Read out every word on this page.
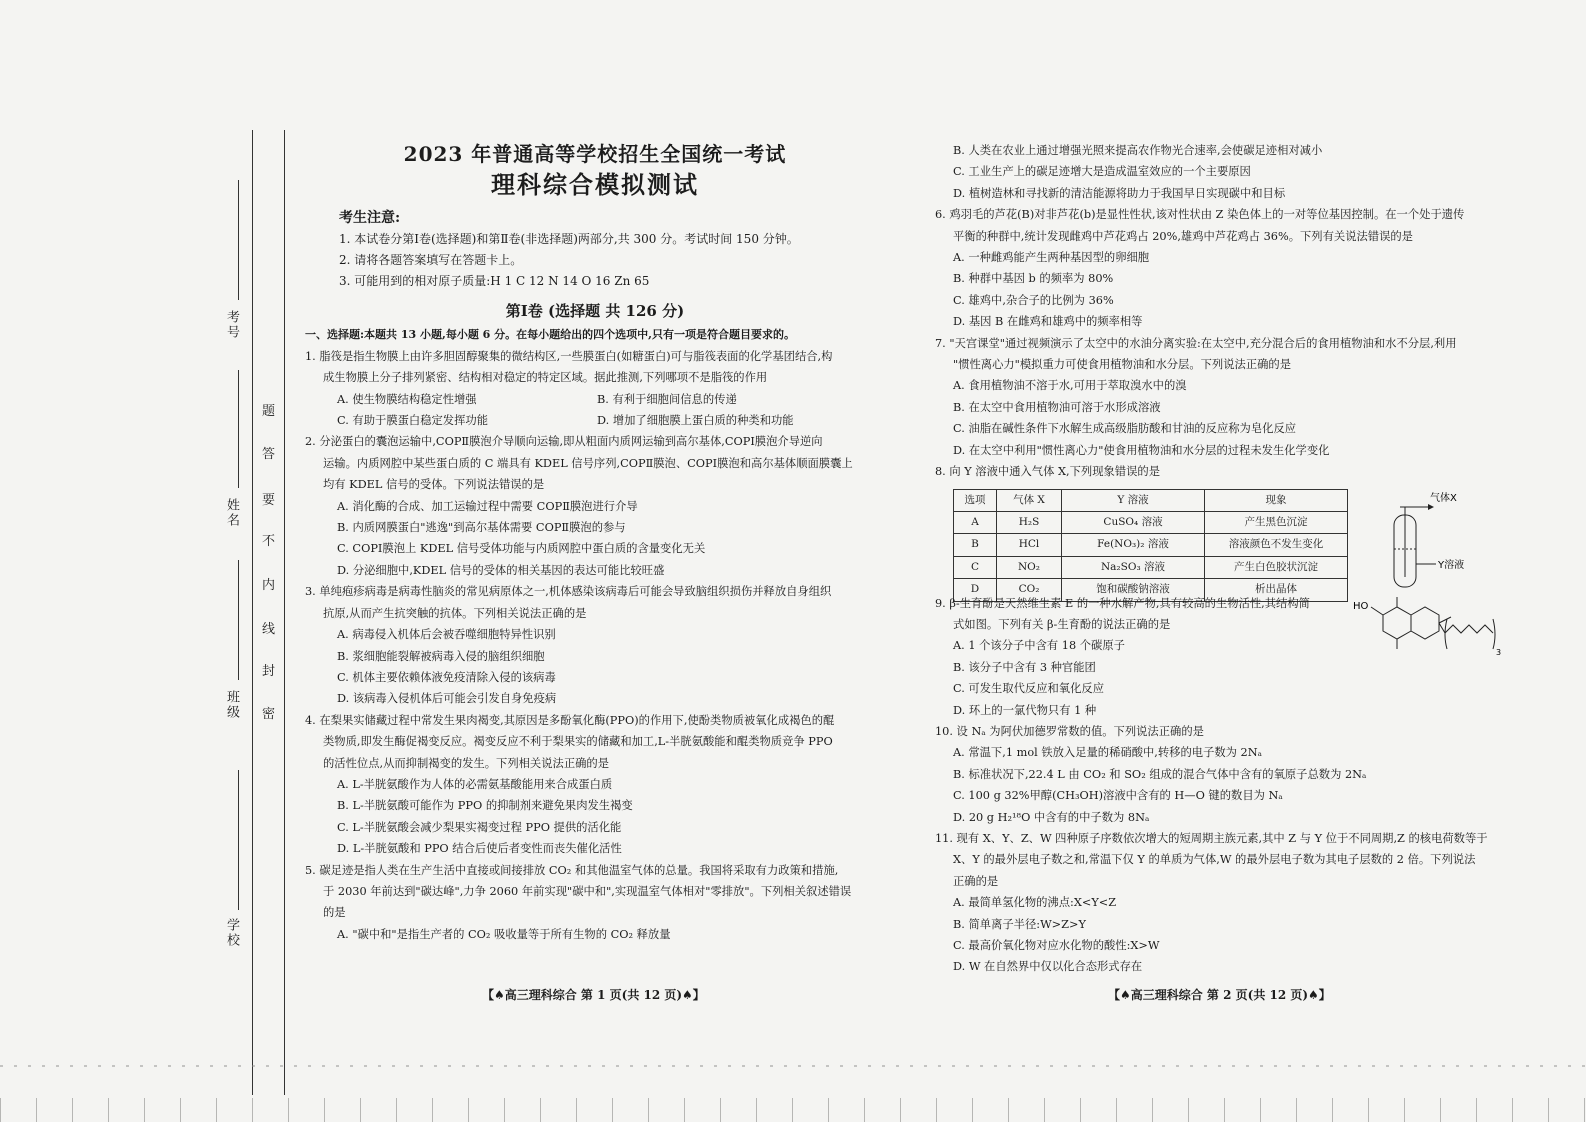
考号
姓名
班级
学校
题
答
要
不
内
线
封
密
2023 年普通高等学校招生全国统一考试
理科综合模拟测试
考生注意:
1. 本试卷分第Ⅰ卷(选择题)和第Ⅱ卷(非选择题)两部分,共 300 分。考试时间 150 分钟。
2. 请将各题答案填写在答题卡上。
3. 可能用到的相对原子质量:H 1 C 12 N 14 O 16 Zn 65
第Ⅰ卷 (选择题 共 126 分)

一、选择题:本题共 13 小题,每小题 6 分。在每小题给出的四个选项中,只有一项是符合题目要求的。

1. 脂筏是指生物膜上由许多胆固醇聚集的微结构区,一些膜蛋白(如糖蛋白)可与脂筏表面的化学基团结合,构

成生物膜上分子排列紧密、结构相对稳定的特定区域。据此推测,下列哪项不是脂筏的作用

A. 使生物膜结构稳定性增强	B. 有利于细胞间信息的传递
C. 有助于膜蛋白稳定发挥功能	D. 增加了细胞膜上蛋白质的种类和功能

2. 分泌蛋白的囊泡运输中,COPⅡ膜泡介导顺向运输,即从粗面内质网运输到高尔基体,COPⅠ膜泡介导逆向

运输。内质网腔中某些蛋白质的 C 端具有 KDEL 信号序列,COPⅡ膜泡、COPⅠ膜泡和高尔基体顺面膜囊上

均有 KDEL 信号的受体。下列说法错误的是

A. 消化酶的合成、加工运输过程中需要 COPⅡ膜泡进行介导

B. 内质网膜蛋白"逃逸"到高尔基体需要 COPⅡ膜泡的参与

C. COPⅠ膜泡上 KDEL 信号受体功能与内质网腔中蛋白质的含量变化无关

D. 分泌细胞中,KDEL 信号的受体的相关基因的表达可能比较旺盛

3. 单纯疱疹病毒是病毒性脑炎的常见病原体之一,机体感染该病毒后可能会导致脑组织损伤并释放自身组织

抗原,从而产生抗突触的抗体。下列相关说法正确的是

A. 病毒侵入机体后会被吞噬细胞特异性识别

B. 浆细胞能裂解被病毒入侵的脑组织细胞

C. 机体主要依赖体液免疫清除入侵的该病毒

D. 该病毒入侵机体后可能会引发自身免疫病

4. 在梨果实储藏过程中常发生果肉褐变,其原因是多酚氧化酶(PPO)的作用下,使酚类物质被氧化成褐色的醌

类物质,即发生酶促褐变反应。褐变反应不利于梨果实的储藏和加工,L-半胱氨酸能和醌类物质竞争 PPO

的活性位点,从而抑制褐变的发生。下列相关说法正确的是

A. L-半胱氨酸作为人体的必需氨基酸能用来合成蛋白质

B. L-半胱氨酸可能作为 PPO 的抑制剂来避免果肉发生褐变

C. L-半胱氨酸会减少梨果实褐变过程 PPO 提供的活化能

D. L-半胱氨酸和 PPO 结合后使后者变性而丧失催化活性

5. 碳足迹是指人类在生产生活中直接或间接排放 CO₂ 和其他温室气体的总量。我国将采取有力政策和措施,

于 2030 年前达到"碳达峰",力争 2060 年前实现"碳中和",实现温室气体相对"零排放"。下列相关叙述错误

的是

A. "碳中和"是指生产者的 CO₂ 吸收量等于所有生物的 CO₂ 释放量

【♠高三理科综合 第 1 页(共 12 页)♠】

B. 人类在农业上通过增强光照来提高农作物光合速率,会使碳足迹相对减小

C. 工业生产上的碳足迹增大是造成温室效应的一个主要原因

D. 植树造林和寻找新的清洁能源将助力于我国早日实现碳中和目标

6. 鸡羽毛的芦花(B)对非芦花(b)是显性性状,该对性状由 Z 染色体上的一对等位基因控制。在一个处于遗传

平衡的种群中,统计发现雌鸡中芦花鸡占 20%,雄鸡中芦花鸡占 36%。下列有关说法错误的是

A. 一种雌鸡能产生两种基因型的卵细胞

B. 种群中基因 b 的频率为 80%

C. 雄鸡中,杂合子的比例为 36%

D. 基因 B 在雌鸡和雄鸡中的频率相等

7. "天宫课堂"通过视频演示了太空中的水油分离实验:在太空中,充分混合后的食用植物油和水不分层,利用

"惯性离心力"模拟重力可使食用植物油和水分层。下列说法正确的是

A. 食用植物油不溶于水,可用于萃取溴水中的溴

B. 在太空中食用植物油可溶于水形成溶液

C. 油脂在碱性条件下水解生成高级脂肪酸和甘油的反应称为皂化反应

D. 在太空中利用"惯性离心力"使食用植物油和水分层的过程未发生化学变化

8. 向 Y 溶液中通入气体 X,下列现象错误的是

选项	气体 X	Y 溶液	现象
A	H₂S	CuSO₄ 溶液	产生黑色沉淀
B	HCl	Fe(NO₃)₂ 溶液	溶液颜色不发生变化
C	NO₂	Na₂SO₃ 溶液	产生白色胶状沉淀
D	CO₂	饱和碳酸钠溶液	析出晶体
气体X
Y溶液

9. β-生育酚是天然维生素 E 的一种水解产物,具有较高的生物活性,其结构简

式如图。下列有关 β-生育酚的说法正确的是

A. 1 个该分子中含有 18 个碳原子

B. 该分子中含有 3 种官能团

C. 可发生取代反应和氧化反应

D. 环上的一氯代物只有 1 种

HO
3

10. 设 Nₐ 为阿伏加德罗常数的值。下列说法正确的是

A. 常温下,1 mol 铁放入足量的稀硝酸中,转移的电子数为 2Nₐ

B. 标准状况下,22.4 L 由 CO₂ 和 SO₂ 组成的混合气体中含有的氧原子总数为 2Nₐ

C. 100 g 32%甲醇(CH₃OH)溶液中含有的 H—O 键的数目为 Nₐ

D. 20 g H₂¹⁸O 中含有的中子数为 8Nₐ

11. 现有 X、Y、Z、W 四种原子序数依次增大的短周期主族元素,其中 Z 与 Y 位于不同周期,Z 的核电荷数等于

X、Y 的最外层电子数之和,常温下仅 Y 的单质为气体,W 的最外层电子数为其电子层数的 2 倍。下列说法

正确的是

A. 最简单氢化物的沸点:X<Y<Z

B. 简单离子半径:W>Z>Y

C. 最高价氧化物对应水化物的酸性:X>W

D. W 在自然界中仅以化合态形式存在

【♠高三理科综合 第 2 页(共 12 页)♠】
